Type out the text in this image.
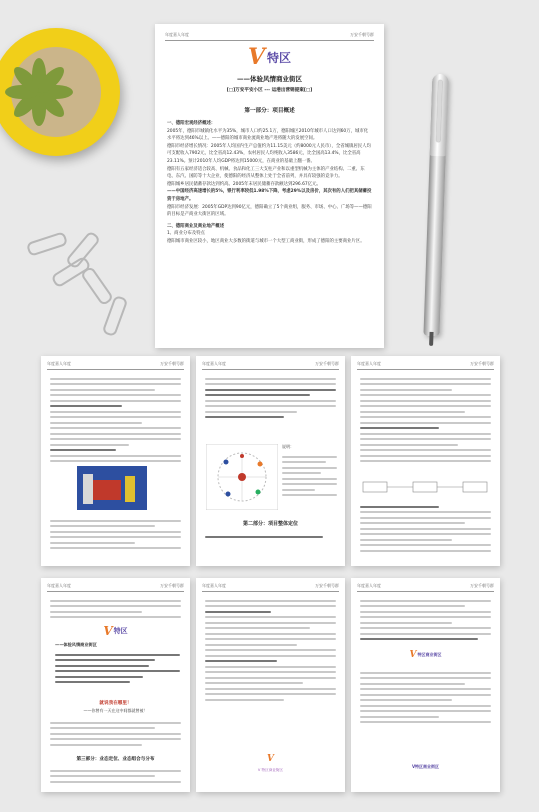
年度嘉人年度	万安千朝号群
V 特区
——体验风情商业街区
[□]万安平安小区 --- 运港出营销提案[□]
第一部分：项目概述
一、德阳宏观经济概述：
2005年，德阳市城镇化水平为35%，城市人口约25.1万，德阳城区2010年城市人口达到60万，城市化水平将达到46%以上。——德阳的城市商业流商业地产进将随大的发展空间。
德阳市经济增长情况：2005年人均国内生产总值约为11.15美元（约8000元人民币），全省城镇居民人均可支配收入7902元，比全省高12.43%，农村居民人均纯收入3586元，比全国高13.4%，比全省高23.11%。预计2010年人均GDP将达到15000元，在商业的基础上翻一番。
德阳有五家经济适合较高、机械、食品和化工三大支柱产业和以重型机械为主体的产业结构。二重、东电、东汽、国防等十大企业，使德阳的经济从整体上处于全省前列，并具有较强的竞争力。
德阳城乡居民储蓄存款达到约高。2005年末居民储蓄存款额达到296.67亿元。
——中国经济高速增长的5%，银行利率较低1.98%下降，考虑29%以及房价，其次有的人们把其储蓄投资于房地产。
德阳市经济发展：2005年GDP达到90亿元，德阳确立了5个商业组，服务、市场、中心、广场等——德阳的目标是产商业大街区的区域。
二、德阳商业及商业地产概述
1、商业分布及特点
德阳城市商业区较小，地区商业大多数的街道与城市一个大型工商业街，形成了德阳的主要商业片区。
年度嘉人年度	万安千朝号群	年度嘉人年度	万安千朝号群
说明：
第二部分：项目整体定位
年度嘉人年度	万安千朝号群
年度嘉人年度	万安千朝号群
V 特区
——体验风情商业街区
就说我在哪里！
——你曾有一天在这中间都就曾被！
第三部分：业态定位、业态组合与分布
年度嘉人年度	万安千朝号群
V
V 特区商业街区
年度嘉人年度	万安千朝号群
V 特区商业街区
V特区商业街区
